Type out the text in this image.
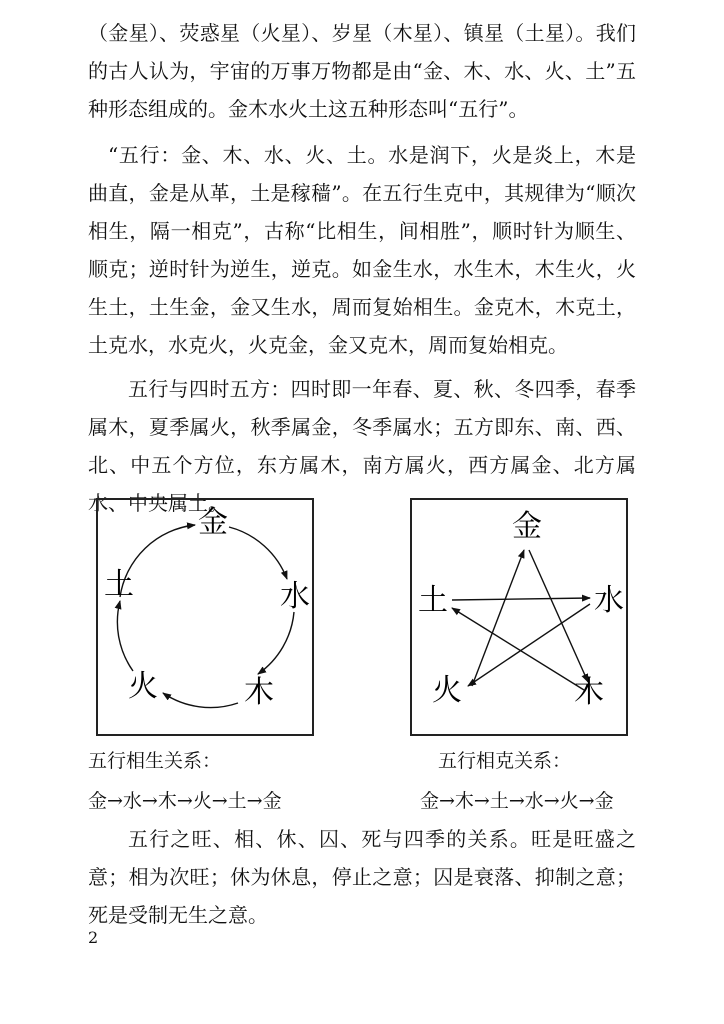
（金星）、荧惑星（火星）、岁星（木星）、镇星（土星）。我们的古人认为，宇宙的万事万物都是由“金、木、水、火、土”五种形态组成的。金木水火土这五种形态叫“五行”。

“五行：金、木、水、火、土。水是润下，火是炎上，木是曲直，金是从革，土是稼穑”。在五行生克中，其规律为“顺次相生，隔一相克”，古称“比相生，间相胜”，顺时针为顺生、顺克；逆时针为逆生，逆克。如金生水，水生木，木生火，火生土，土生金，金又生水，周而复始相生。金克木，木克土，土克水，水克火，火克金，金又克木，周而复始相克。

五行与四时五方：四时即一年春、夏、秋、冬四季，春季属木，夏季属火，秋季属金，冬季属水；五方即东、南、西、北、中五个方位，东方属木，南方属火，西方属金、北方属水、中央属土。

金
水
木
火
土
金
水
木
火
土
五行相生关系：	五行相克关系：
金→水→木→火→土→金	金→木→土→水→火→金

五行之旺、相、休、囚、死与四季的关系。旺是旺盛之意；相为次旺；休为休息，停止之意；囚是衰落、抑制之意；死是受制无生之意。

2
